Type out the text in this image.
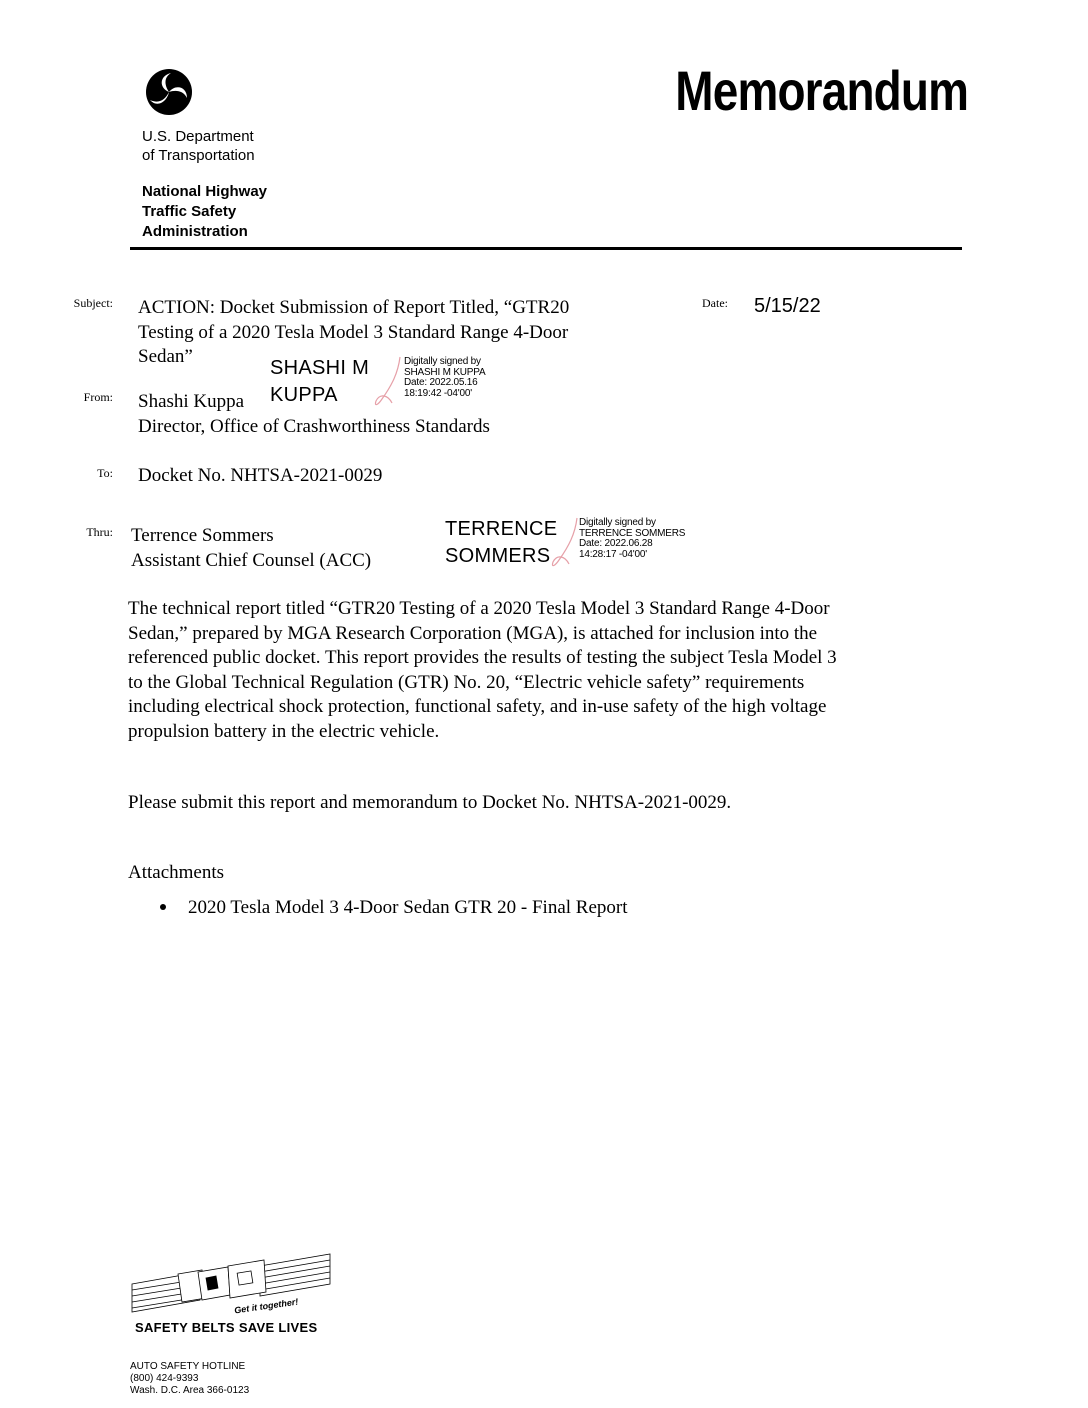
Memorandum
U.S. Department
of Transportation
National Highway
Traffic Safety
Administration
Subject: ACTION: Docket Submission of Report Titled, “GTR20
Testing of a 2020 Tesla Model 3 Standard Range 4-Door
Sedan”
Date: 5/15/22
From: Shashi Kuppa
Director, Office of Crashworthiness Standards
SHASHI M
KUPPA
Digitally signed by
SHASHI M KUPPA
Date: 2022.05.16
18:19:42 -04'00'
To: Docket No. NHTSA-2021-0029
Thru: Terrence Sommers
Assistant Chief Counsel (ACC)
TERRENCE
SOMMERS
Digitally signed by
TERRENCE SOMMERS
Date: 2022.06.28
14:28:17 -04'00'
The technical report titled “GTR20 Testing of a 2020 Tesla Model 3 Standard Range 4-Door
Sedan,” prepared by MGA Research Corporation (MGA), is attached for inclusion into the
referenced public docket. This report provides the results of testing the subject Tesla Model 3
to the Global Technical Regulation (GTR) No. 20, “Electric vehicle safety” requirements
including electrical shock protection, functional safety, and in-use safety of the high voltage
propulsion battery in the electric vehicle.
Please submit this report and memorandum to Docket No. NHTSA-2021-0029.
Attachments
2020 Tesla Model 3 4-Door Sedan GTR 20 - Final Report
Get it together!
SAFETY BELTS SAVE LIVES
AUTO SAFETY HOTLINE
(800) 424-9393
Wash. D.C. Area 366-0123
